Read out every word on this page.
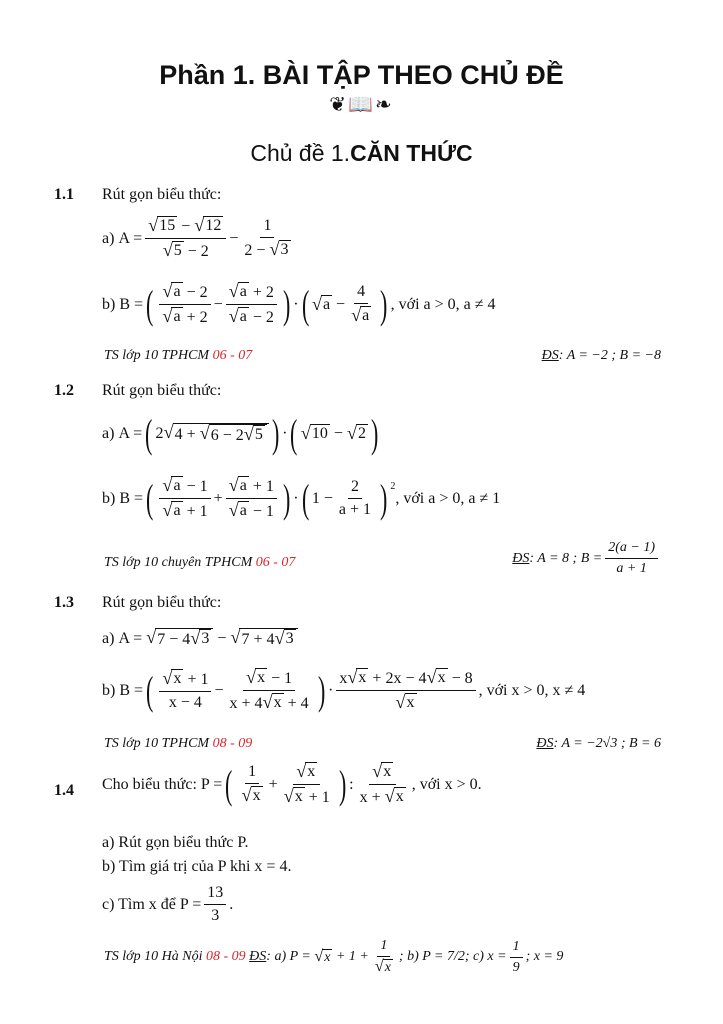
Phần 1. BÀI TẬP THEO CHỦ ĐỀ
❦📖❧
Chủ đề 1.CĂN THỨC
1.1 Rút gọn biểu thức:
a) $A = \frac{√ 15 - √ 12}{√ 5 - 2} - \frac{1}{2 - √ 3}$
b) B = ( $\frac{√ a - 2}{√ a + 2} - \frac{√ a + 2}{√ a - 2}$ ) · ( √ $a - \frac{4}{√ a}$ ) , với a > 0, a ≠ 4
TS lớp 10 TPHCM 06 - 07	ĐS: A = −2 ; B = −8
1.2 Rút gọn biểu thức:
a) A = ( 2 √ 4 + √ 6 − 2 √ 5 ) · ( √ 10 − √ 2 )
b) B = ( $\frac{√ a - 1}{√ a + 1} + \frac{√ a + 1}{√ a - 1}$ ) · ( $1 - \frac{2}{a + 1}$ ) 2
, với a > 0, a ≠ 1
TS lớp 10 chuyên TPHCM 06 - 07	ĐS : A = 8 ; $B = \frac{2(a - 1)}{a + 1}$
1.3 Rút gọn biểu thức:
a) A =
√ 7 − 4 √ 3 − √ 7 + 4 √ 3
b) B = ( $\frac{√ x + 1}{x - 4} - \frac{√ x - 1}{x + 4 √ x + 4}$ ) · $\frac{x √ x + 2x - 4 √ x - 8}{√ x}$ , với x > 0, x ≠ 4
TS lớp 10 TPHCM 08 - 09	ĐS: A = −2√3 ; B = 6
1.4 Cho biểu thức: P = ( $\frac{1}{√ x} + \frac{√ x}{√ x + 1}$ ) : $\frac{√ x}{x + √ x}$ , với x > 0.
a) Rút gọn biểu thức P.
b) Tìm giá trị của P khi x = 4.
c) Tìm x để $P = \frac{13}{3}$ .
TS lớp 10 Hà Nội
08 - 09
ĐS : a) P =
√ $x + 1 + \frac{1}{√ x}$ ; b) P = 7/2; c) $x = \frac{1}{9}$ ; x = 9
